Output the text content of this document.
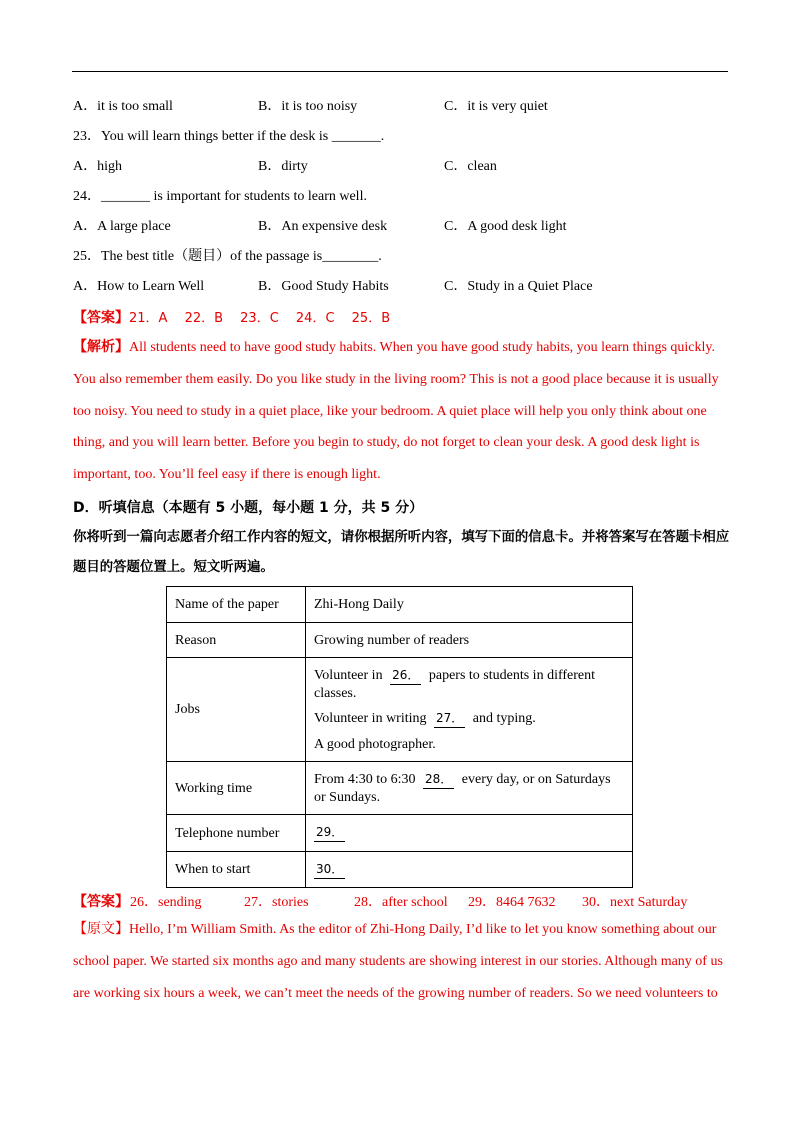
A．it is too small	B．it is too noisy	C．it is very quiet
23．You will learn things better if the desk is _______.
A．high	B．dirty	C．clean
24．_______ is important for students to learn well.
A．A large place	B．An expensive desk	C．A good desk light
25．The best title（题目）of the passage is________.
A．How to Learn Well	B．Good Study Habits	C．Study in a Quiet Place
【答案】21．A　 22．B　 23．C　 24．C　 25．B
【解析】All students need to have good study habits. When you have good study habits, you learn things quickly. You also remember them easily. Do you like study in the living room? This is not a good place because it is usually too noisy. You need to study in a quiet place, like your bedroom. A quiet place will help you only think about one thing, and you will learn better. Before you begin to study, do not forget to clean your desk. A good desk light is important, too. You’ll feel easy if there is enough light.
D．听填信息（本题有 5 小题，每小题 1 分，共 5 分）
你将听到一篇向志愿者介绍工作内容的短文，请你根据所听内容，填写下面的信息卡。并将答案写在答题卡相应题目的答题位置上。短文听两遍。
Name of the paper	Zhi-Hong Daily
Reason	Growing number of readers
Jobs	Volunteer in 26． papers to students in different classes.
Volunteer in writing 27． and typing.
A good photographer.

Working time	From 4:30 to 6:30 28． every day, or on Saturdays or Sundays.
Telephone number	29．
When to start	30．
【答案】 26．sending	27．stories	28．after school 29．8464 7632 30．next Saturday
【原文】Hello, I’m William Smith. As the editor of Zhi-Hong Daily, I’d like to let you know something about our school paper. We started six months ago and many students are showing interest in our stories. Although many of us are working six hours a week, we can’t meet the needs of the growing number of readers. So we need volunteers to
